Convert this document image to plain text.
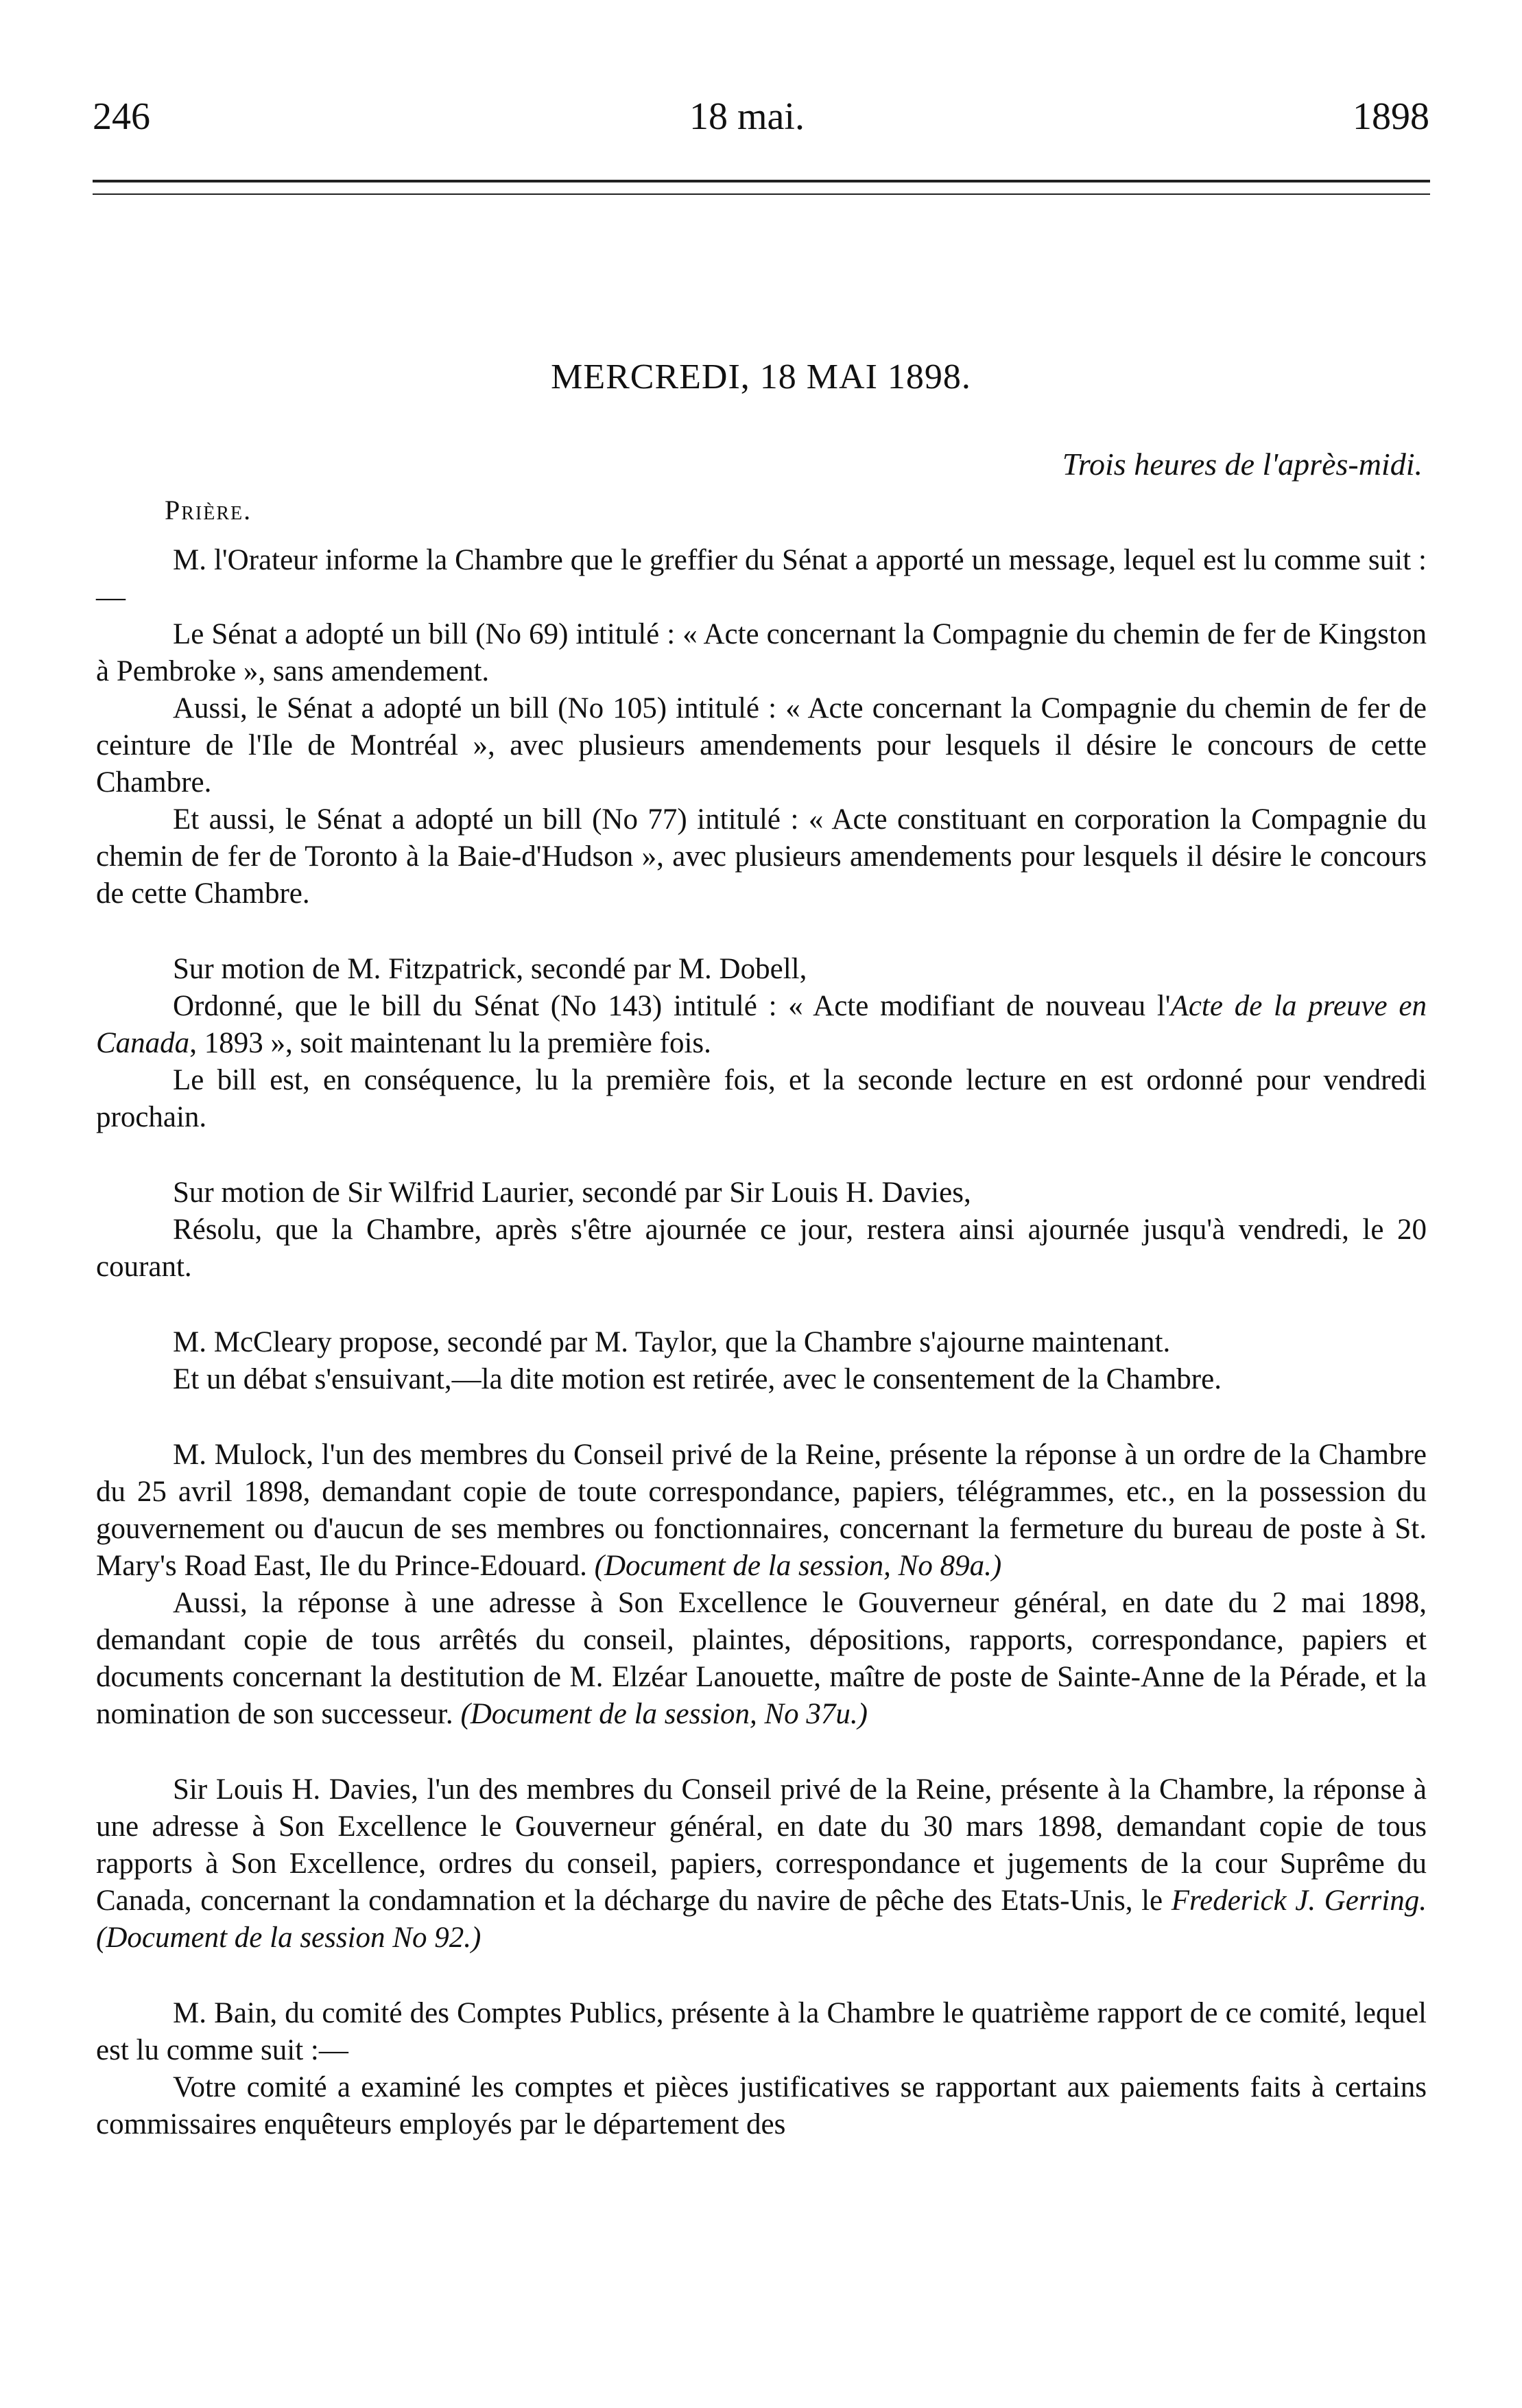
246	18 mai.	1898
MERCREDI, 18 MAI 1898.
Trois heures de l'après-midi.
Prière.

M. l'Orateur informe la Chambre que le greffier du Sénat a apporté un message, lequel est lu comme suit :—

Le Sénat a adopté un bill (No 69) intitulé : « Acte concernant la Compagnie du chemin de fer de Kingston à Pembroke », sans amendement.

Aussi, le Sénat a adopté un bill (No 105) intitulé : « Acte concernant la Compagnie du chemin de fer de ceinture de l'Ile de Montréal », avec plusieurs amendements pour lesquels il désire le concours de cette Chambre.

Et aussi, le Sénat a adopté un bill (No 77) intitulé : « Acte constituant en corporation la Compagnie du chemin de fer de Toronto à la Baie-d'Hudson », avec plusieurs amendements pour lesquels il désire le concours de cette Chambre.

Sur motion de M. Fitzpatrick, secondé par M. Dobell,

Ordonné, que le bill du Sénat (No 143) intitulé : « Acte modifiant de nouveau l'Acte de la preuve en Canada, 1893 », soit maintenant lu la première fois.

Le bill est, en conséquence, lu la première fois, et la seconde lecture en est ordonné pour vendredi prochain.

Sur motion de Sir Wilfrid Laurier, secondé par Sir Louis H. Davies,

Résolu, que la Chambre, après s'être ajournée ce jour, restera ainsi ajournée jusqu'à vendredi, le 20 courant.

M. McCleary propose, secondé par M. Taylor, que la Chambre s'ajourne maintenant.

Et un débat s'ensuivant,—la dite motion est retirée, avec le consentement de la Chambre.

M. Mulock, l'un des membres du Conseil privé de la Reine, présente la réponse à un ordre de la Chambre du 25 avril 1898, demandant copie de toute correspondance, papiers, télégrammes, etc., en la possession du gouvernement ou d'aucun de ses membres ou fonctionnaires, concernant la fermeture du bureau de poste à St. Mary's Road East, Ile du Prince-Edouard. (Document de la session, No 89a.)

Aussi, la réponse à une adresse à Son Excellence le Gouverneur général, en date du 2 mai 1898, demandant copie de tous arrêtés du conseil, plaintes, dépositions, rapports, correspondance, papiers et documents concernant la destitution de M. Elzéar Lanouette, maître de poste de Sainte-Anne de la Pérade, et la nomination de son successeur. (Document de la session, No 37u.)

Sir Louis H. Davies, l'un des membres du Conseil privé de la Reine, présente à la Chambre, la réponse à une adresse à Son Excellence le Gouverneur général, en date du 30 mars 1898, demandant copie de tous rapports à Son Excellence, ordres du conseil, papiers, correspondance et jugements de la cour Suprême du Canada, concernant la condamnation et la décharge du navire de pêche des Etats-Unis, le Frederick J. Gerring. (Document de la session No 92.)

M. Bain, du comité des Comptes Publics, présente à la Chambre le quatrième rapport de ce comité, lequel est lu comme suit :—

Votre comité a examiné les comptes et pièces justificatives se rapportant aux paiements faits à certains commissaires enquêteurs employés par le département des
